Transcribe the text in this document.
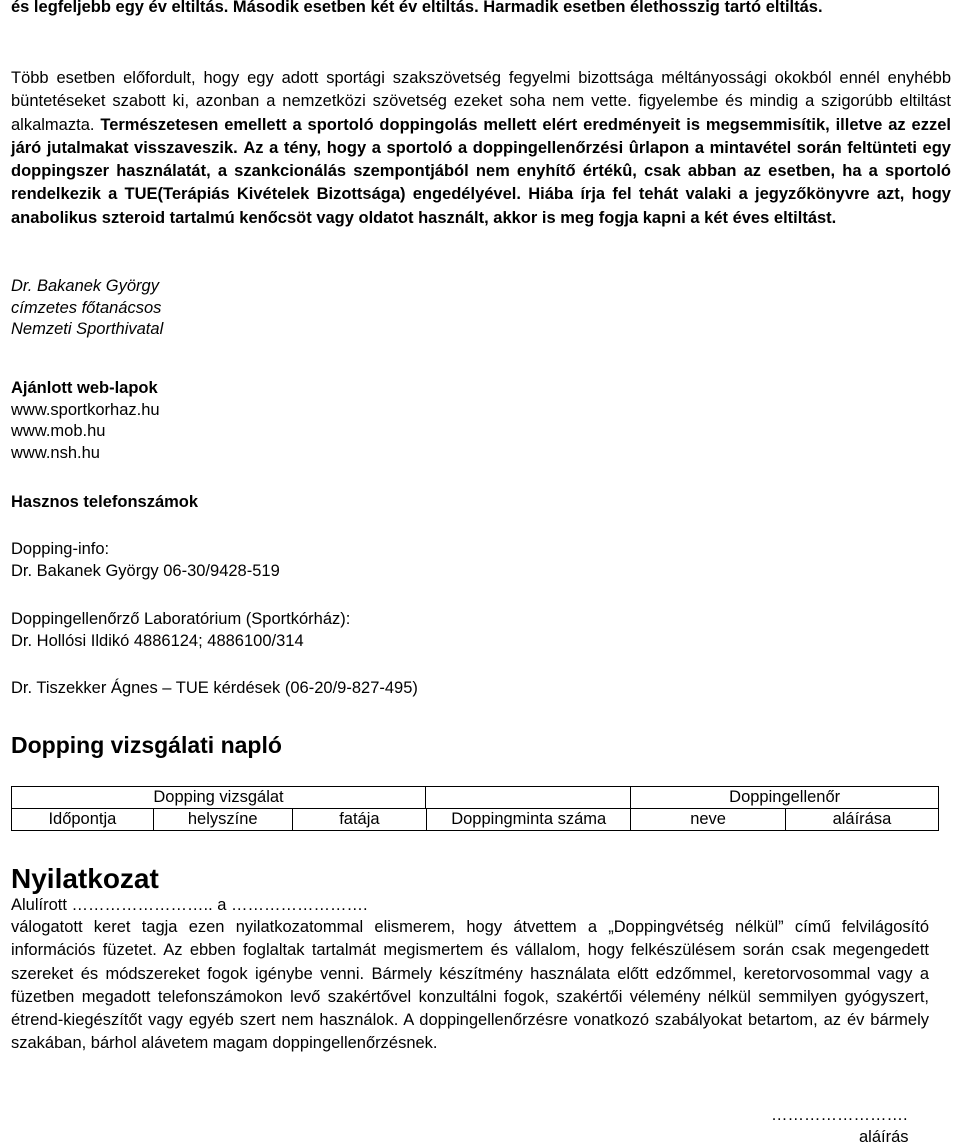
és legfeljebb egy év eltiltás. Második esetben két év eltiltás. Harmadik esetben élethosszig tartó eltiltás.

Több esetben előfordult, hogy egy adott sportági szakszövetség fegyelmi bizottsága méltányossági okokból ennél enyhébb büntetéseket szabott ki, azonban a nemzetközi szövetség ezeket soha nem vette. figyelembe és mindig a szigorúbb eltiltást alkalmazta. Természetesen emellett a sportoló doppingolás mellett elért eredményeit is megsemmisítik, illetve az ezzel járó jutalmakat visszaveszik. Az a tény, hogy a sportoló a doppingellenőrzési ûrlapon a mintavétel során feltünteti egy doppingszer használatát, a szankcionálás szempontjából nem enyhítő értékû, csak abban az esetben, ha a sportoló rendelkezik a TUE(Terápiás Kivételek Bizottsága) engedélyével. Hiába írja fel tehát valaki a jegyzőkönyvre azt, hogy anabolikus szteroid tartalmú kenőcsöt vagy oldatot használt, akkor is meg fogja kapni a két éves eltiltást.

Dr. Bakanek György

címzetes főtanácsos

Nemzeti Sporthivatal

Ajánlott web-lapok

www.sportkorhaz.hu

www.mob.hu

www.nsh.hu

Hasznos telefonszámok

Dopping-info:

Dr. Bakanek György 06-30/9428-519

Doppingellenőrző Laboratórium (Sportkórház):

Dr. Hollósi Ildikó 4886124; 4886100/314

Dr. Tiszekker Ágnes – TUE kérdések (06-20/9-827-495)

Dopping vizsgálati napló

Dopping vizsgálat				Doppingellenőr	
Időpontja	helyszíne	fatája	Doppingminta száma	neve	aláírása

Nyilatkozat

Alulírott …………………….. a …………………….

válogatott keret tagja ezen nyilatkozatommal elismerem, hogy átvettem a „Doppingvétség nélkül” című felvilágosító információs füzetet. Az ebben foglaltak tartalmát megismertem és vállalom, hogy felkészülésem során csak megengedett szereket és módszereket fogok igénybe venni. Bármely készítmény használata előtt edzőmmel, keretorvosommal vagy a füzetben megadott telefonszámokon levő szakértővel konzultálni fogok, szakértői vélemény nélkül semmilyen gyógyszert, étrend-kiegészítőt vagy egyéb szert nem használok. A doppingellenőrzésre vonatkozó szabályokat betartom, az év bármely szakában, bárhol alávetem magam doppingellenőrzésnek.

…………………….

aláírás
